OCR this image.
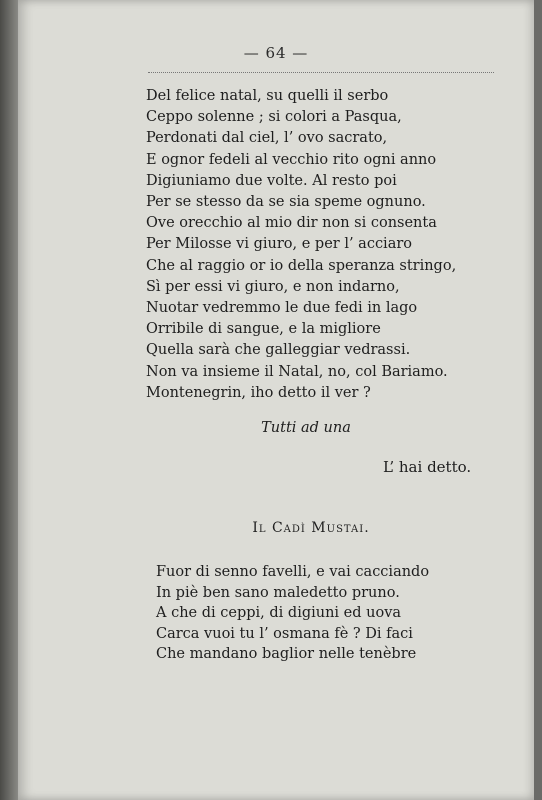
— 64 —
Del felice natal, su quelli il serbo
Ceppo solenne ; si colori a Pasqua,
Perdonati dal ciel, l’ ovo sacrato,
E ognor fedeli al vecchio rito ogni anno
Digiuniamo due volte. Al resto poi
Per se stesso da se sia speme ognuno.
Ove orecchio al mio dir non si consenta
Per Milosse vi giuro, e per l’ acciaro
Che al raggio or io della speranza stringo,
Sì per essi vi giuro, e non indarno,
Nuotar vedremmo le due fedi in lago
Orribile di sangue, e la migliore
Quella sarà che galleggiar vedrassi.
Non va insieme il Natal, no, col Bariamo.
Montenegrin, iho detto il ver ?
Tutti ad una
L’ hai detto.
Il Cadì Mustai.
Fuor di senno favelli, e vai cacciando
In piè ben sano maledetto pruno.
A che di ceppi, di digiuni ed uova
Carca vuoi tu l’ osmana fè ? Di faci
Che mandano baglior nelle tenèbre
